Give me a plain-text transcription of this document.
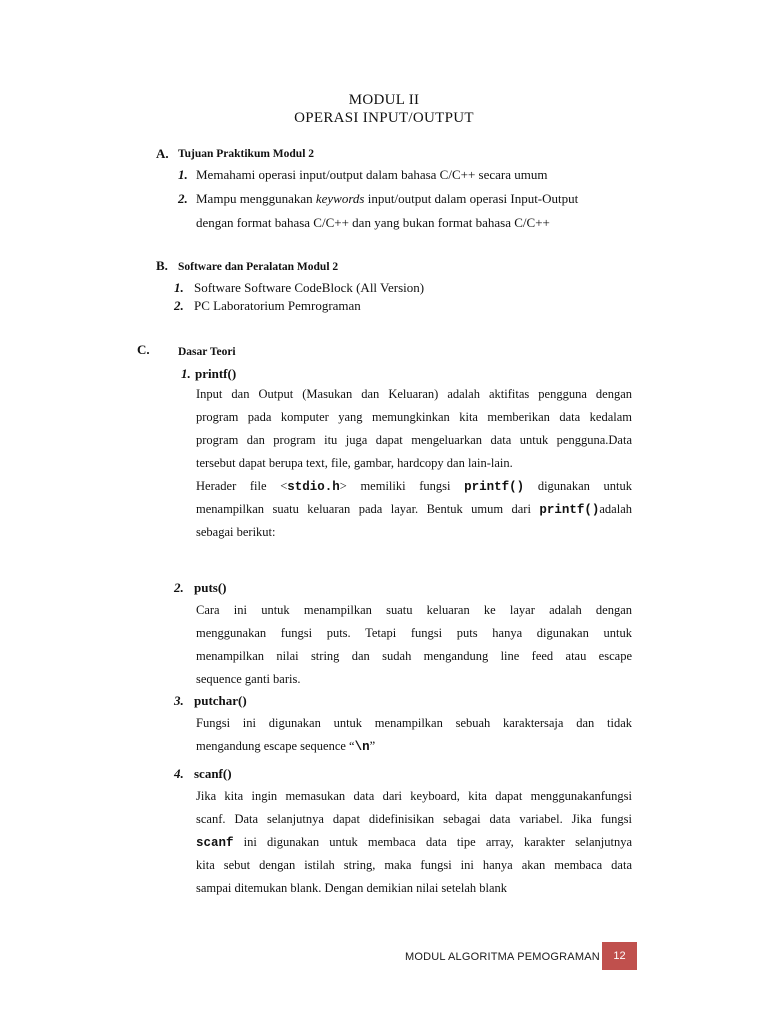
MODUL II
OPERASI INPUT/OUTPUT
A. Tujuan Praktikum Modul 2
1. Memahami operasi input/output dalam bahasa C/C++ secara umum
2. Mampu menggunakan keywords input/output dalam operasi Input-Output
dengan format bahasa C/C++ dan yang bukan format bahasa C/C++
B. Software dan Peralatan Modul 2
1. Software Software CodeBlock (All Version)
2. PC Laboratorium Pemrograman
C. Dasar Teori
1. printf()
Input dan Output (Masukan dan Keluaran) adalah aktifitas pengguna dengan
program pada komputer yang memungkinkan kita memberikan data kedalam
program dan program itu juga dapat mengeluarkan data untuk pengguna.Data
tersebut dapat berupa text, file, gambar, hardcopy dan lain-lain.
Herader file <stdio.h> memiliki fungsi printf() digunakan untuk
menampilkan suatu keluaran pada layar. Bentuk umum dari printf()adalah
sebagai berikut:
2. puts()
Cara ini untuk menampilkan suatu keluaran ke layar adalah dengan
menggunakan fungsi puts. Tetapi fungsi puts hanya digunakan untuk
menampilkan nilai string dan sudah mengandung line feed atau escape
sequence ganti baris.
3. putchar()
Fungsi ini digunakan untuk menampilkan sebuah karaktersaja dan tidak
mengandung escape sequence “\n”
4. scanf()
Jika kita ingin memasukan data dari keyboard, kita dapat menggunakanfungsi
scanf. Data selanjutnya dapat didefinisikan sebagai data variabel. Jika fungsi
scanf ini digunakan untuk membaca data tipe array, karakter selanjutnya
kita sebut dengan istilah string, maka fungsi ini hanya akan membaca data
sampai ditemukan blank. Dengan demikian nilai setelah blank
MODUL ALGORITMA PEMOGRAMAN	12
